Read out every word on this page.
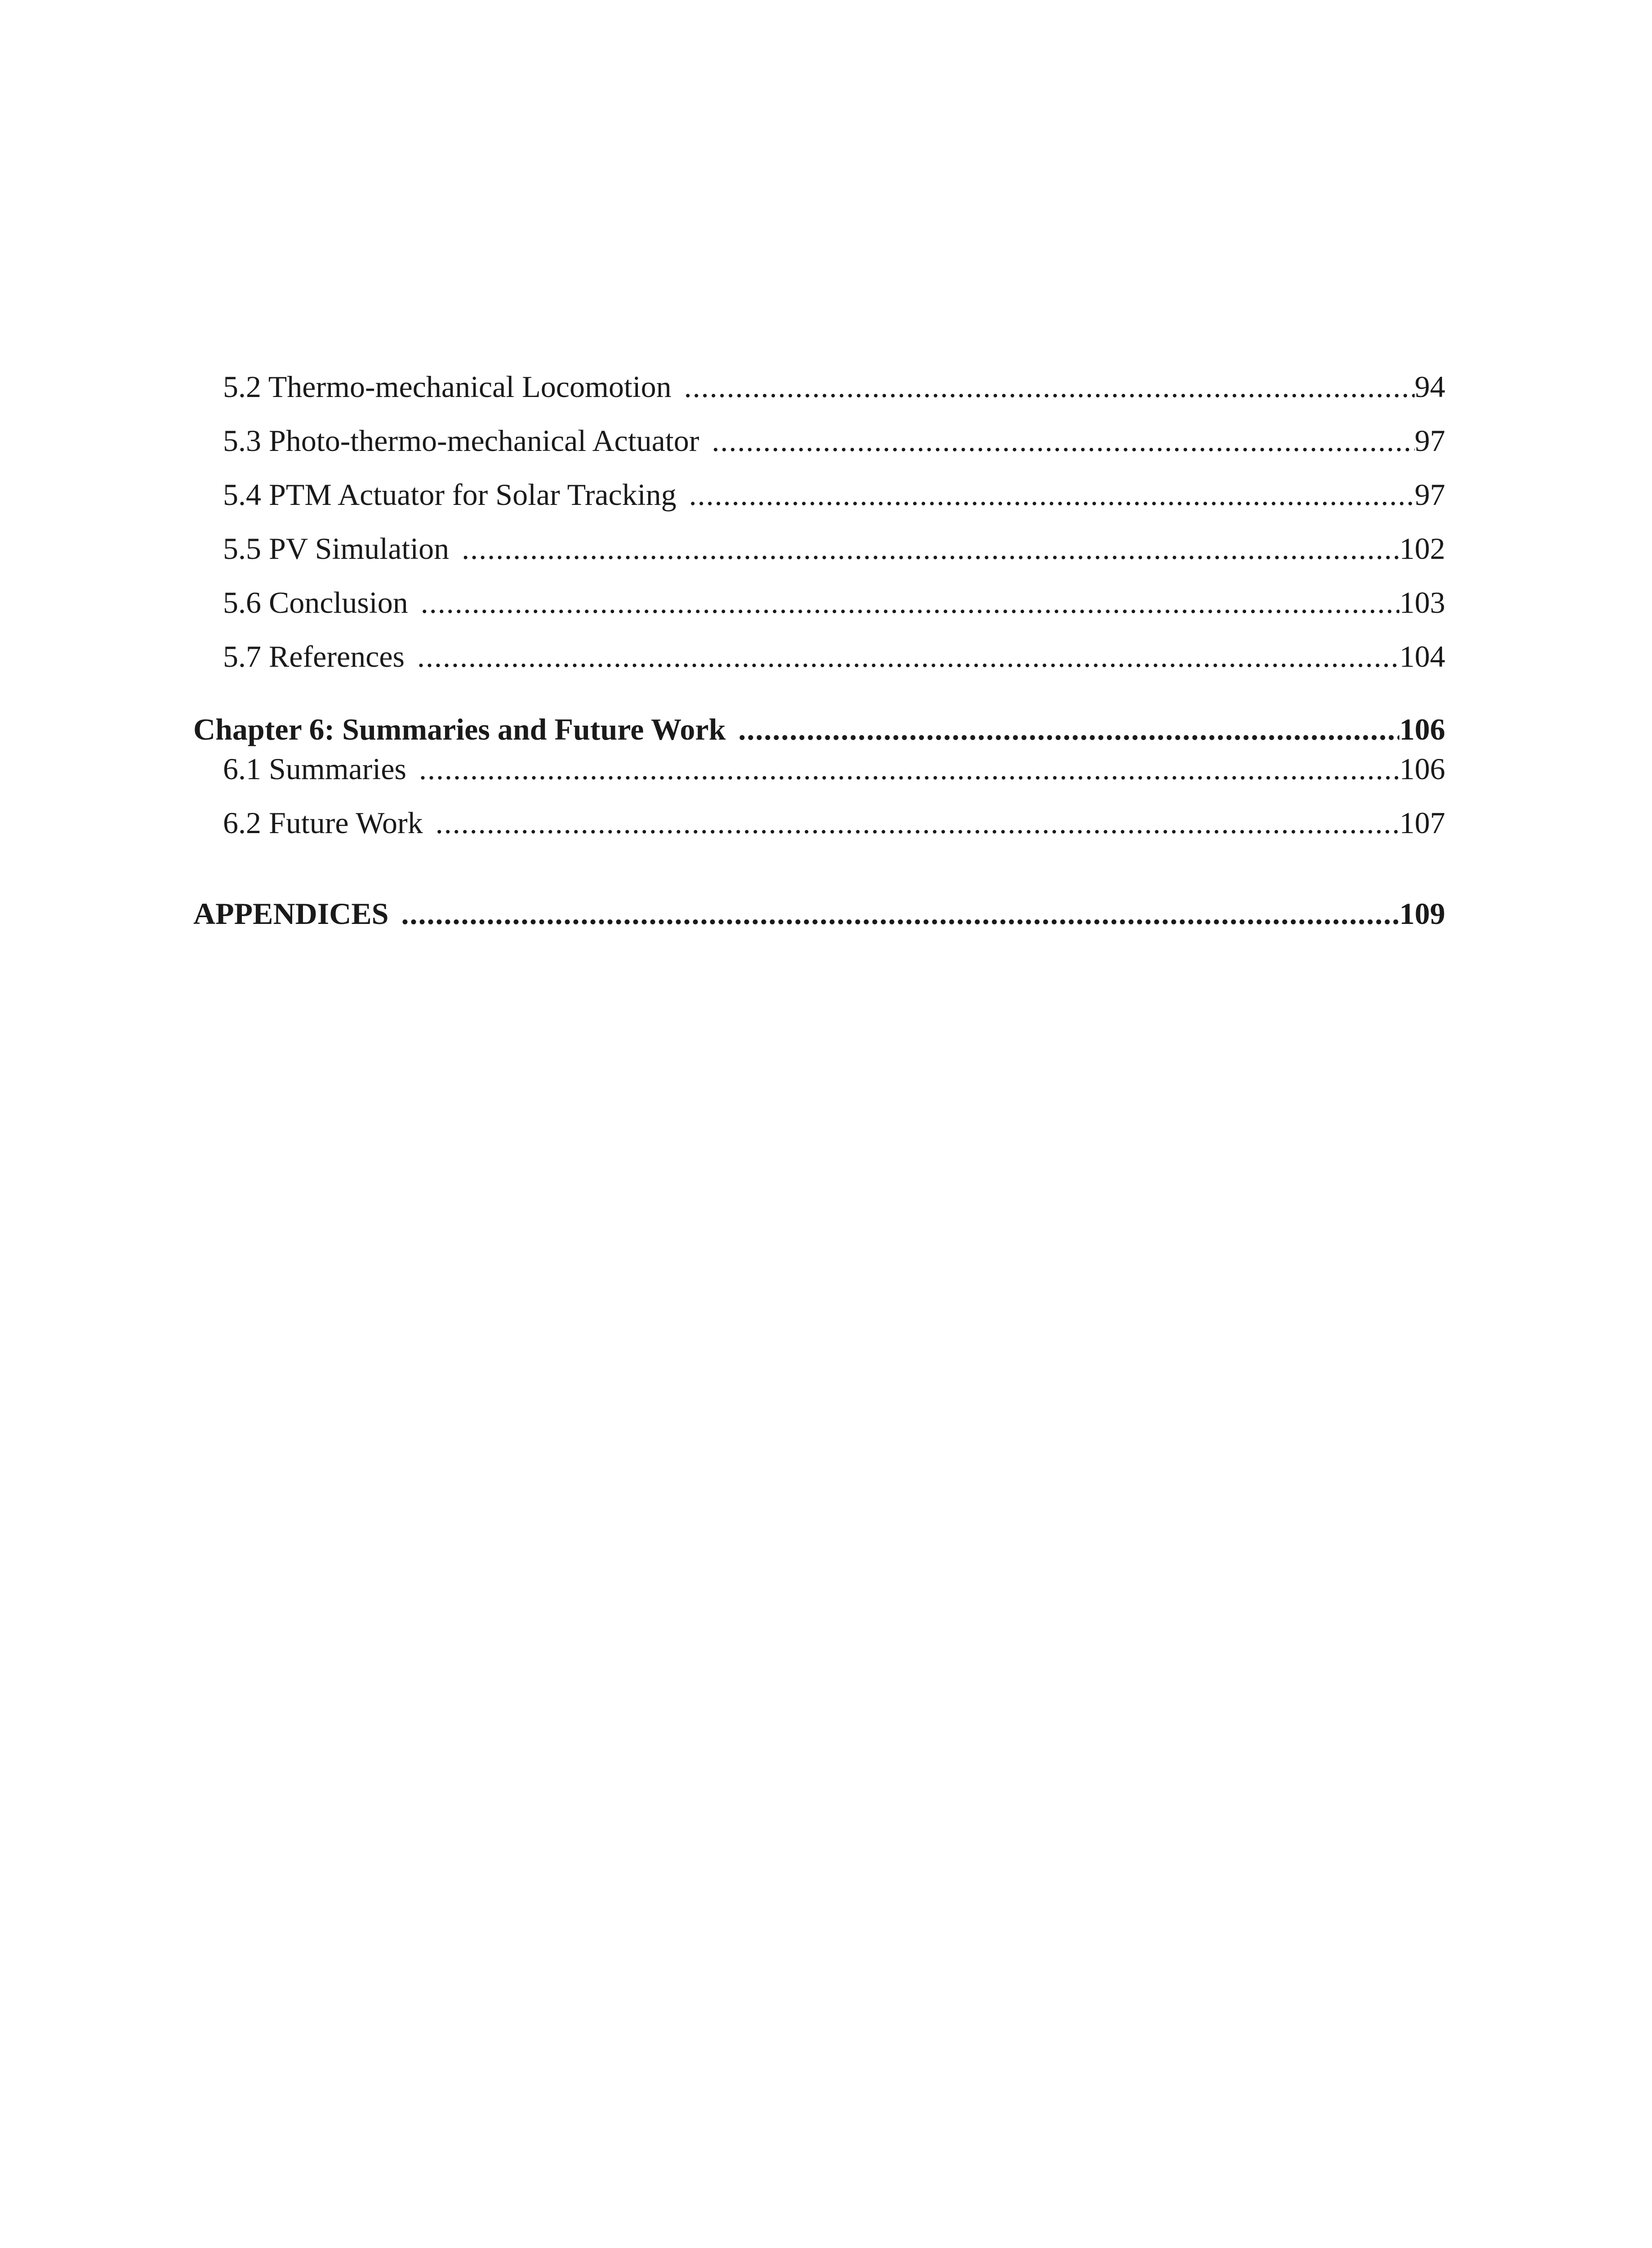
5.2 Thermo-mechanical Locomotion .....	94
5.3 Photo-thermo-mechanical Actuator .....	97
5.4 PTM Actuator for Solar Tracking .....	97
5.5 PV Simulation .....	102
5.6 Conclusion .....	103
5.7 References .....	104
Chapter 6: Summaries and Future Work .....	106
6.1 Summaries .....	106
6.2 Future Work .....	107
APPENDICES .....	109
